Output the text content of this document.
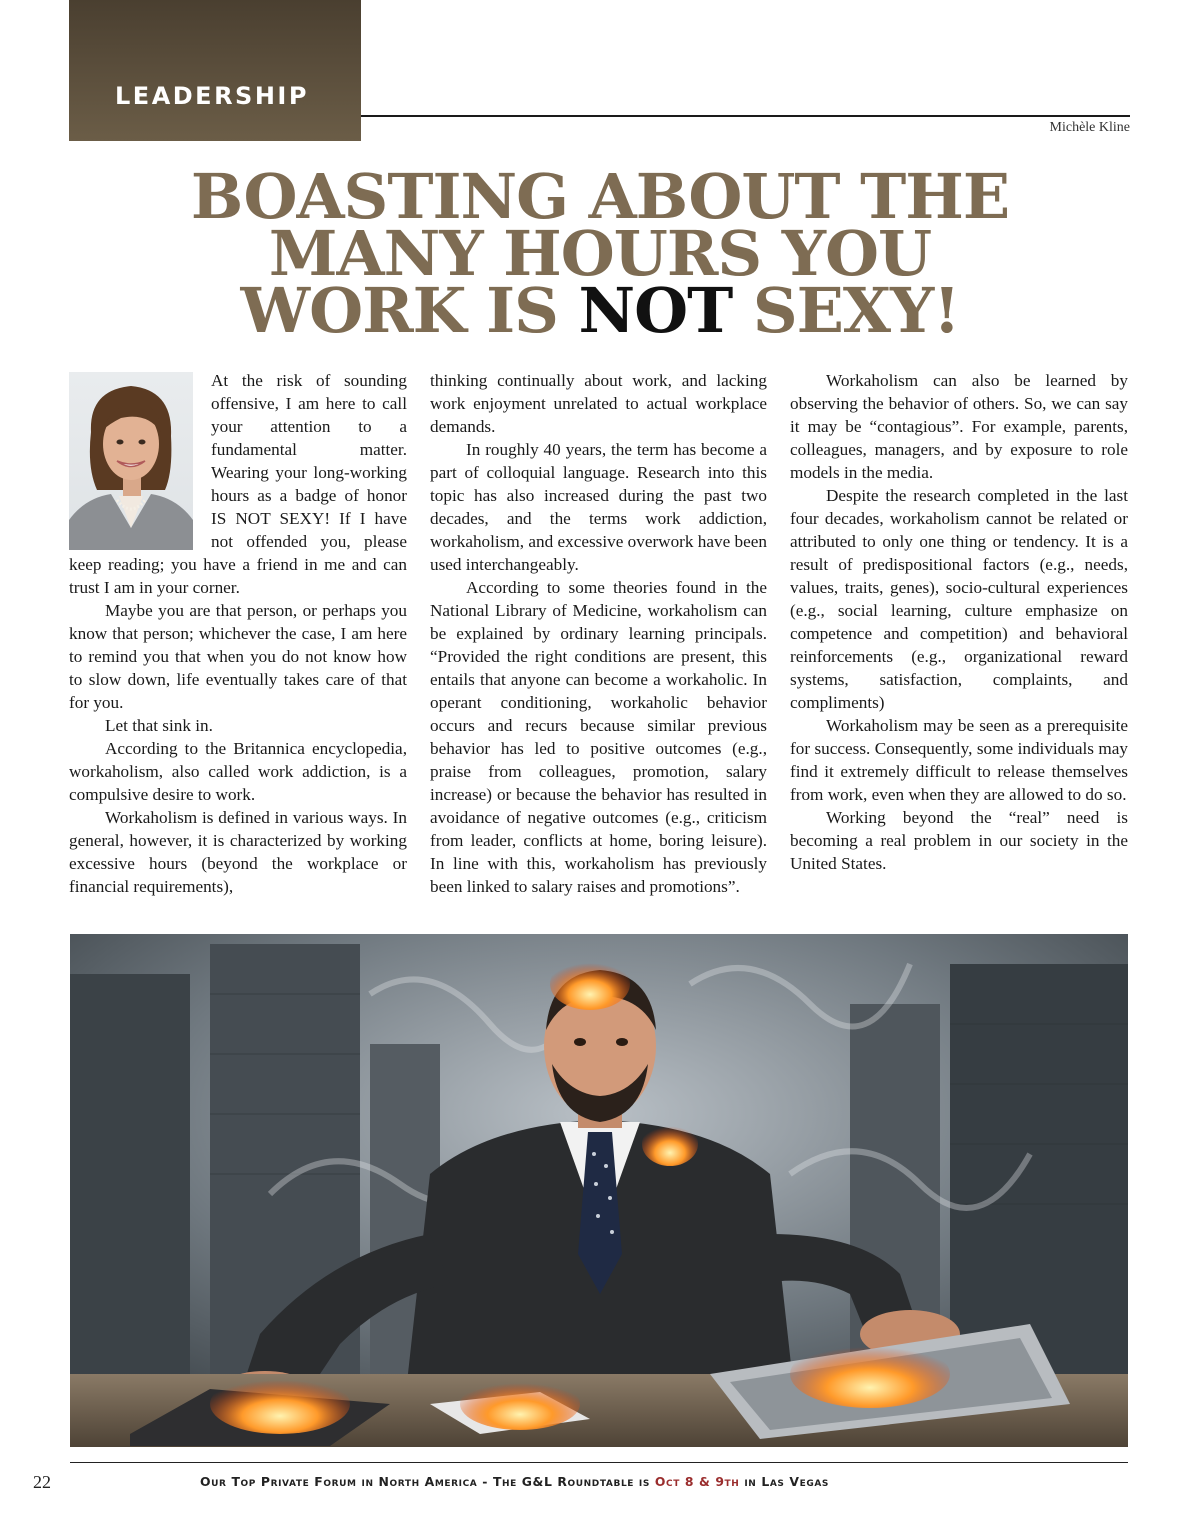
LEADERSHIP
Michèle Kline
BOASTING ABOUT THE
MANY HOURS YOU
WORK IS NOT SEXY!

At the risk of sounding offensive, I am here to call your attention to a fundamental matter. Wearing your long-working hours as a badge of honor IS NOT SEXY! If I have not offended you, please keep reading; you have a friend in me and can trust I am in your corner.

Maybe you are that person, or perhaps you know that person; whichever the case, I am here to remind you that when you do not know how to slow down, life eventually takes care of that for you.

Let that sink in.

According to the Britannica encyclopedia, workaholism, also called work addiction, is a compulsive desire to work.

Workaholism is defined in various ways. In general, however, it is characterized by working excessive hours (beyond the workplace or financial requirements),

thinking continually about work, and lacking work enjoyment unrelated to actual workplace demands.

In roughly 40 years, the term has become a part of colloquial language. Research into this topic has also increased during the past two decades, and the terms work addiction, workaholism, and excessive overwork have been used interchangeably.

According to some theories found in the National Library of Medicine, workaholism can be explained by ordinary learning principals. “Provided the right conditions are present, this entails that anyone can become a workaholic. In operant conditioning, workaholic behavior occurs and recurs because similar previous behavior has led to positive outcomes (e.g., praise from colleagues, promotion, salary increase) or because the behavior has resulted in avoidance of negative outcomes (e.g., criticism from leader, conflicts at home, boring leisure). In line with this, workaholism has previously been linked to salary raises and promotions”.

Workaholism can also be learned by observing the behavior of others. So, we can say it may be “contagious”. For example, parents, colleagues, managers, and by exposure to role models in the media.

Despite the research completed in the last four decades, workaholism cannot be related or attributed to only one thing or tendency. It is a result of predispositional factors (e.g., needs, values, traits, genes), socio-cultural experiences (e.g., social learning, culture emphasize on competence and competition) and behavioral reinforcements (e.g., organizational reward systems, satisfaction, complaints, and compliments)

Workaholism may be seen as a prerequisite for success. Consequently, some individuals may find it extremely difficult to release themselves from work, even when they are allowed to do so.

Working beyond the “real” need is becoming a real problem in our society in the United States.

22	Our Top Private Forum in North America - The G&L Roundtable is Oct 8 & 9th in Las Vegas
